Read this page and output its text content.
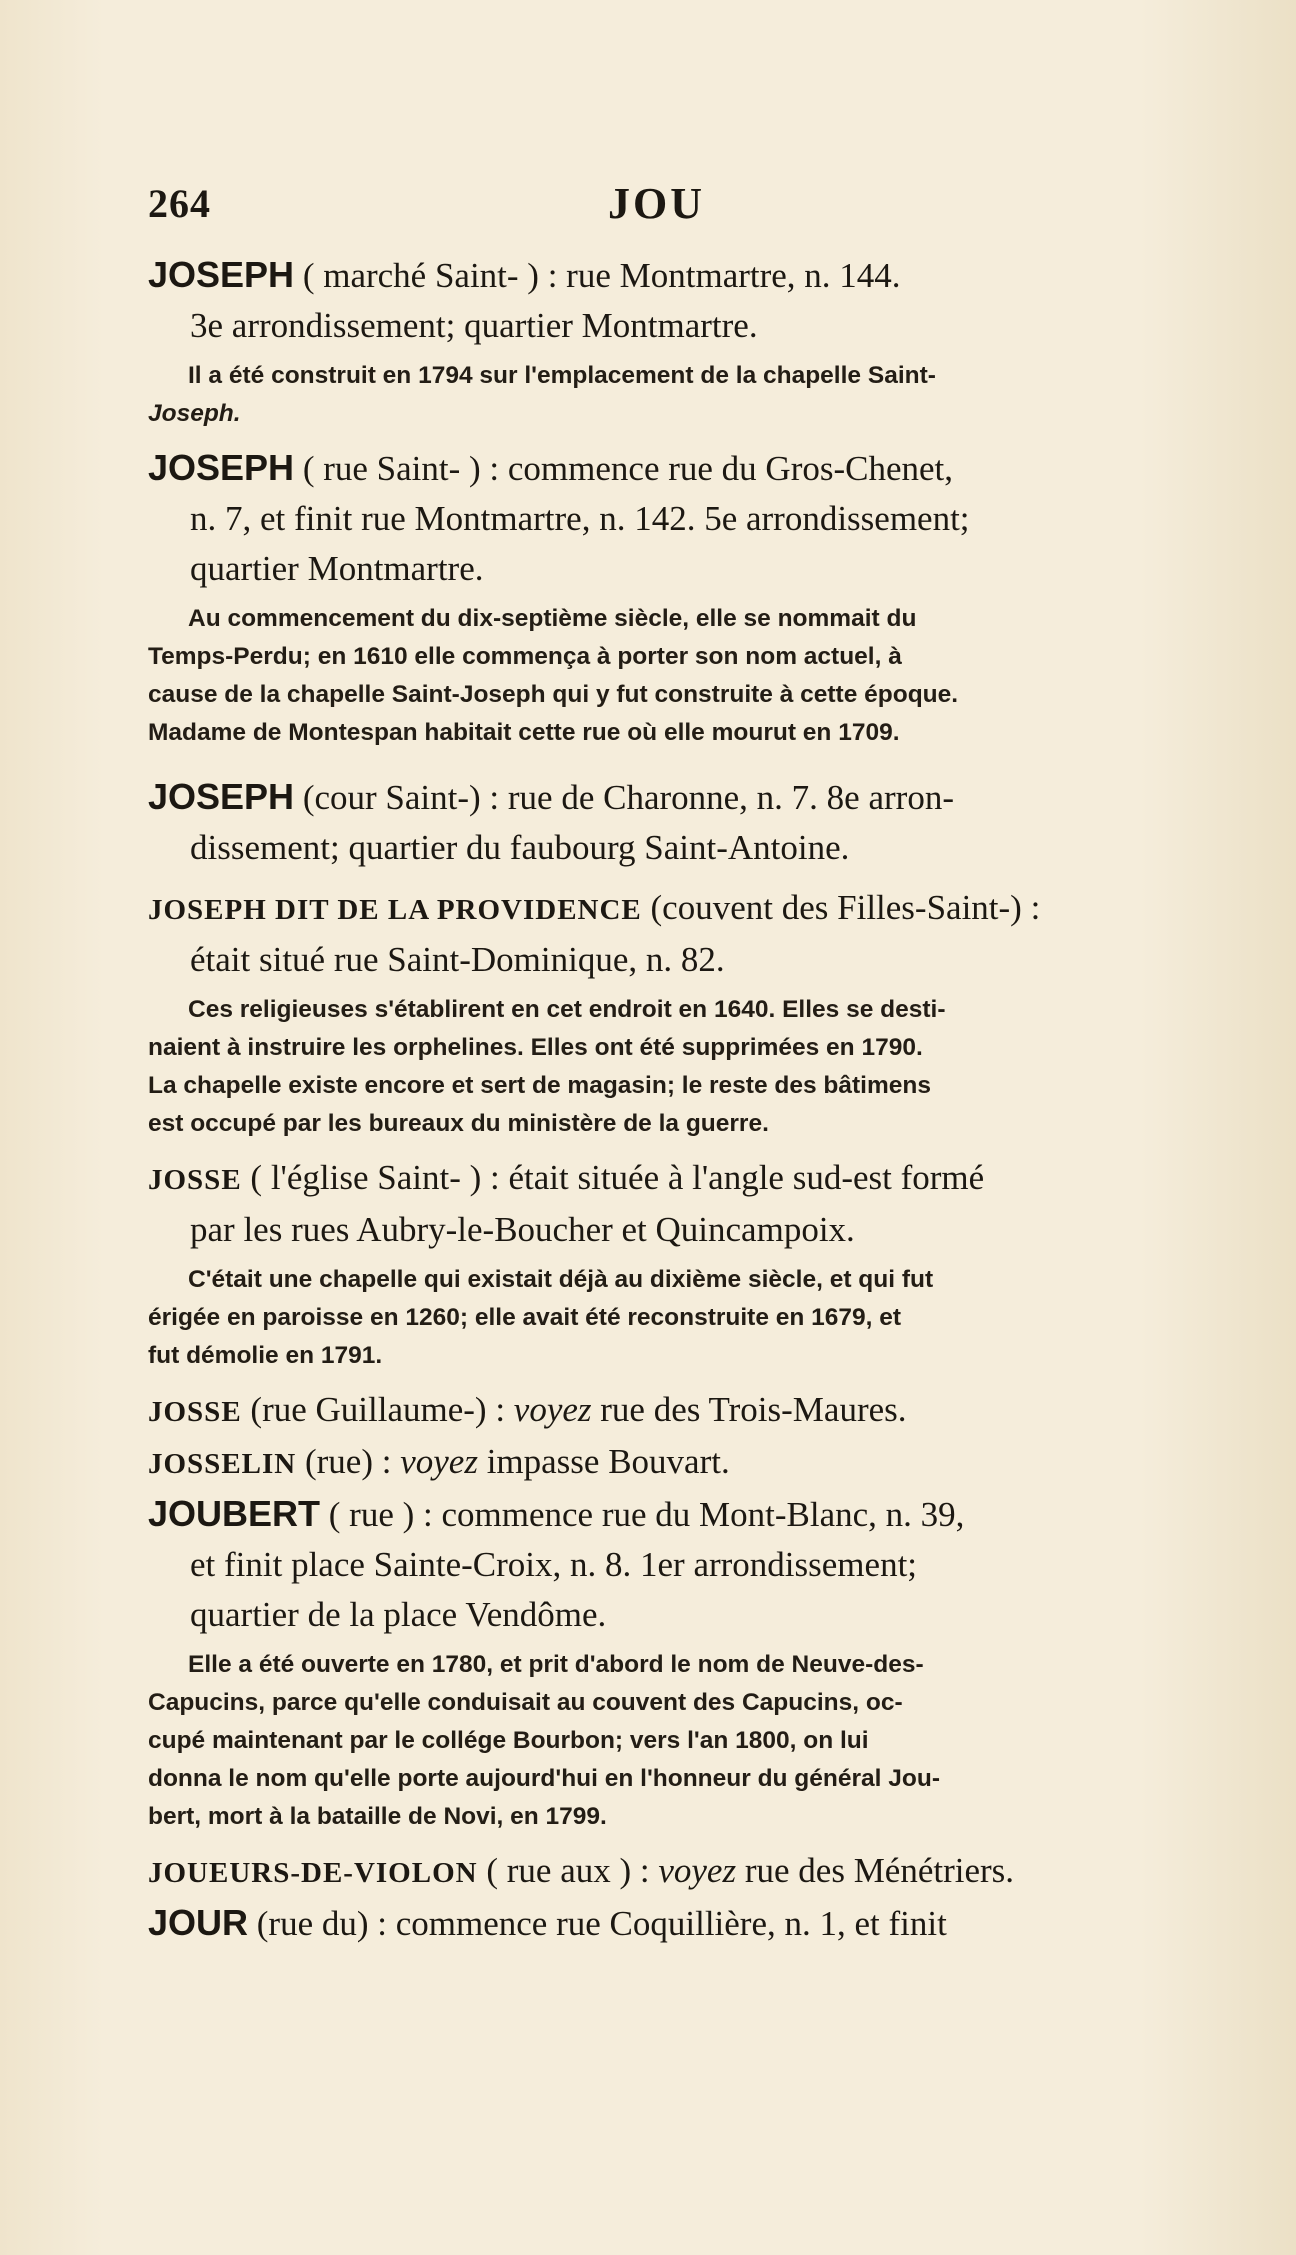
264	JOU

JOSEPH ( marché Saint- ) : rue Montmartre, n. 144.
3e arrondissement; quartier Montmartre.

Il a été construit en 1794 sur l'emplacement de la chapelle Saint-
Joseph.

JOSEPH ( rue Saint- ) : commence rue du Gros-Chenet,
n. 7, et finit rue Montmartre, n. 142. 5e arrondissement;
quartier Montmartre.

Au commencement du dix-septième siècle, elle se nommait du
Temps-Perdu; en 1610 elle commença à porter son nom actuel, à
cause de la chapelle Saint-Joseph qui y fut construite à cette époque.
Madame de Montespan habitait cette rue où elle mourut en 1709.

JOSEPH (cour Saint-) : rue de Charonne, n. 7. 8e arron-
dissement; quartier du faubourg Saint-Antoine.

JOSEPH DIT DE LA PROVIDENCE (couvent des Filles-Saint-) :
était situé rue Saint-Dominique, n. 82.

Ces religieuses s'établirent en cet endroit en 1640. Elles se desti-
naient à instruire les orphelines. Elles ont été supprimées en 1790.
La chapelle existe encore et sert de magasin; le reste des bâtimens
est occupé par les bureaux du ministère de la guerre.

JOSSE ( l'église Saint- ) : était située à l'angle sud-est formé
par les rues Aubry-le-Boucher et Quincampoix.

C'était une chapelle qui existait déjà au dixième siècle, et qui fut
érigée en paroisse en 1260; elle avait été reconstruite en 1679, et
fut démolie en 1791.

JOSSE (rue Guillaume-) : voyez rue des Trois-Maures.

JOSSELIN (rue) : voyez impasse Bouvart.

JOUBERT ( rue ) : commence rue du Mont-Blanc, n. 39,
et finit place Sainte-Croix, n. 8. 1er arrondissement;
quartier de la place Vendôme.

Elle a été ouverte en 1780, et prit d'abord le nom de Neuve-des-
Capucins, parce qu'elle conduisait au couvent des Capucins, oc-
cupé maintenant par le collége Bourbon; vers l'an 1800, on lui
donna le nom qu'elle porte aujourd'hui en l'honneur du général Jou-
bert, mort à la bataille de Novi, en 1799.

JOUEURS-DE-VIOLON ( rue aux ) : voyez rue des Ménétriers.

JOUR (rue du) : commence rue Coquillière, n. 1, et finit
